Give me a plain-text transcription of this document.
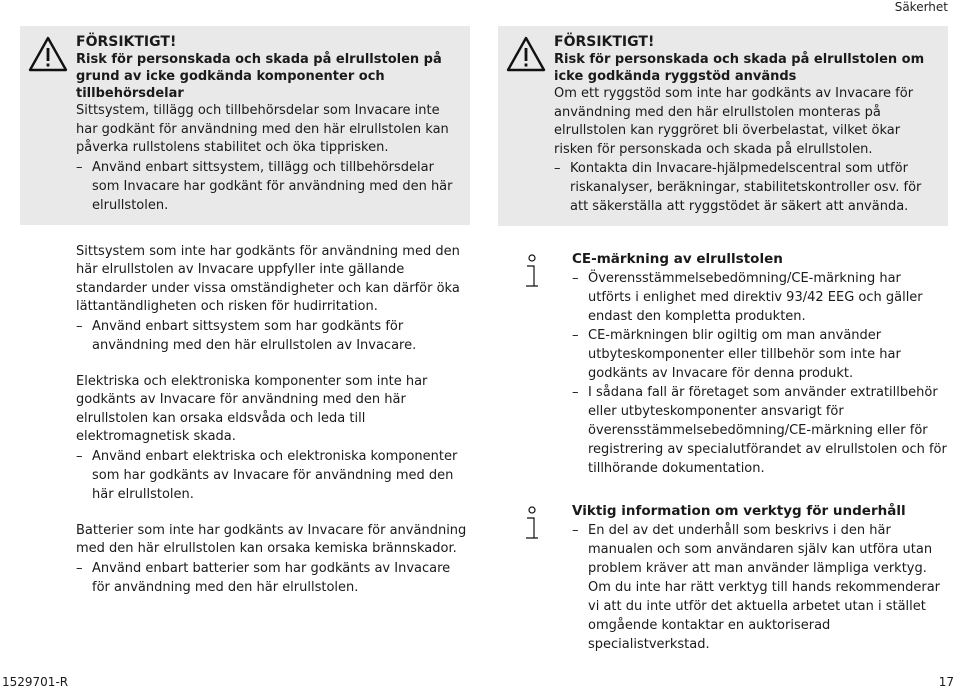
Säkerhet
FÖRSIKTIGT!
Risk för personskada och skada på elrullstolen på grund av icke godkända komponenter och tillbehörsdelar
Sittsystem, tillägg och tillbehörsdelar som Invacare inte har godkänt för användning med den här elrullstolen kan påverka rullstolens stabilitet och öka tipprisken.
– Använd enbart sittsystem, tillägg och tillbehörsdelar som Invacare har godkänt för användning med den här elrullstolen.
Sittsystem som inte har godkänts för användning med den här elrullstolen av Invacare uppfyller inte gällande standarder under vissa omständigheter och kan därför öka lättantändligheten och risken för hudirritation.
– Använd enbart sittsystem som har godkänts för användning med den här elrullstolen av Invacare.
Elektriska och elektroniska komponenter som inte har godkänts av Invacare för användning med den här elrullstolen kan orsaka eldsvåda och leda till elektromagnetisk skada.
– Använd enbart elektriska och elektroniska komponenter som har godkänts av Invacare för användning med den här elrullstolen.
Batterier som inte har godkänts av Invacare för användning med den här elrullstolen kan orsaka kemiska brännskador.
– Använd enbart batterier som har godkänts av Invacare för användning med den här elrullstolen.
FÖRSIKTIGT!
Risk för personskada och skada på elrullstolen om icke godkända ryggstöd används
Om ett ryggstöd som inte har godkänts av Invacare för användning med den här elrullstolen monteras på elrullstolen kan ryggröret bli överbelastat, vilket ökar risken för personskada och skada på elrullstolen.
– Kontakta din Invacare-hjälpmedelscentral som utför riskanalyser, beräkningar, stabilitetskontroller osv. för att säkerställa att ryggstödet är säkert att använda.
CE-märkning av elrullstolen
– Överensstämmelsebedömning/CE-märkning har utförts i enlighet med direktiv 93/42 EEG och gäller endast den kompletta produkten.
– CE-märkningen blir ogiltig om man använder utbyteskomponenter eller tillbehör som inte har godkänts av Invacare för denna produkt.
– I sådana fall är företaget som använder extratillbehör eller utbyteskomponenter ansvarigt för överensstämmelsebedömning/CE-märkning eller för registrering av specialutförandet av elrullstolen och för tillhörande dokumentation.
Viktig information om verktyg för underhåll
– En del av det underhåll som beskrivs i den här manualen och som användaren själv kan utföra utan problem kräver att man använder lämpliga verktyg. Om du inte har rätt verktyg till hands rekommenderar vi att du inte utför det aktuella arbetet utan i stället omgående kontaktar en auktoriserad specialistverkstad.
1529701-R	17
